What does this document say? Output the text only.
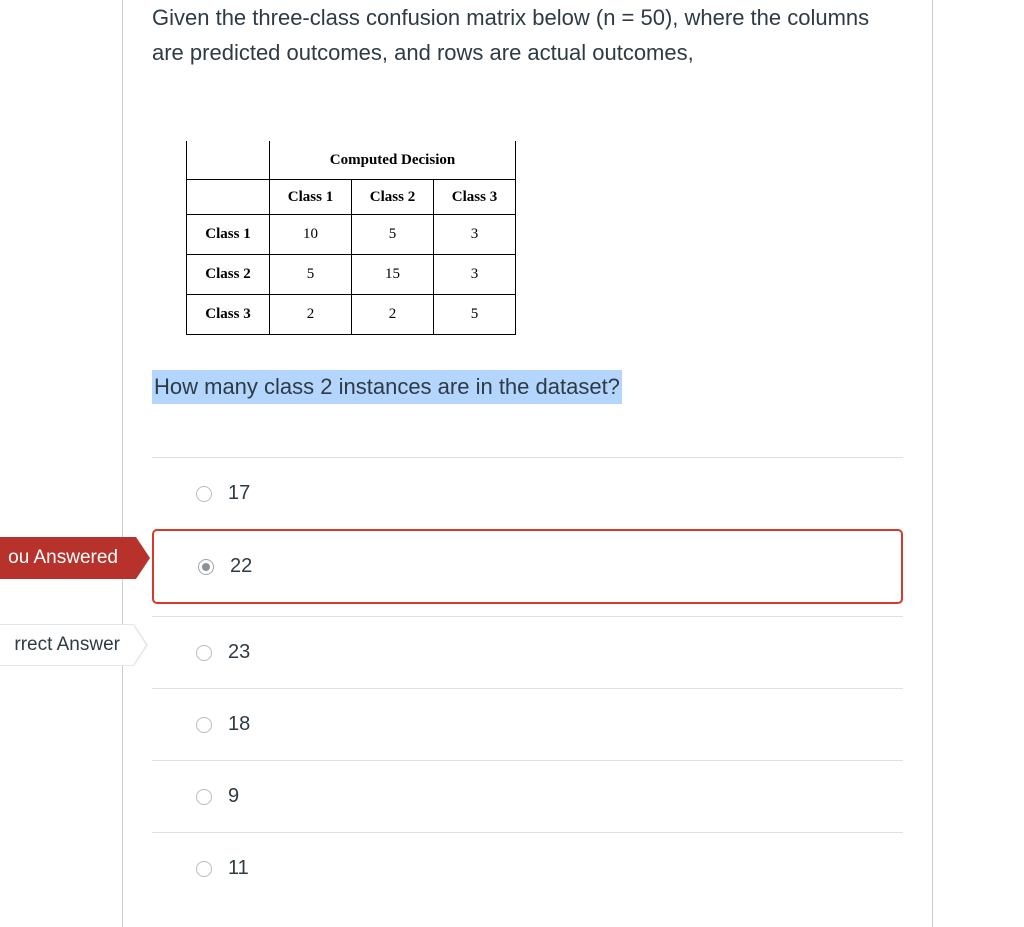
Given the three-class confusion matrix below (n = 50), where the columns are predicted outcomes, and rows are actual outcomes,
	Computed Decision		
	Class 1	Class 2	Class 3
Class 1	10	5	3
Class 2	5	15	3
Class 3	2	2	5
How many class 2 instances are in the dataset?
ou Answered
rrect Answer
17
22
23
18
9
11
